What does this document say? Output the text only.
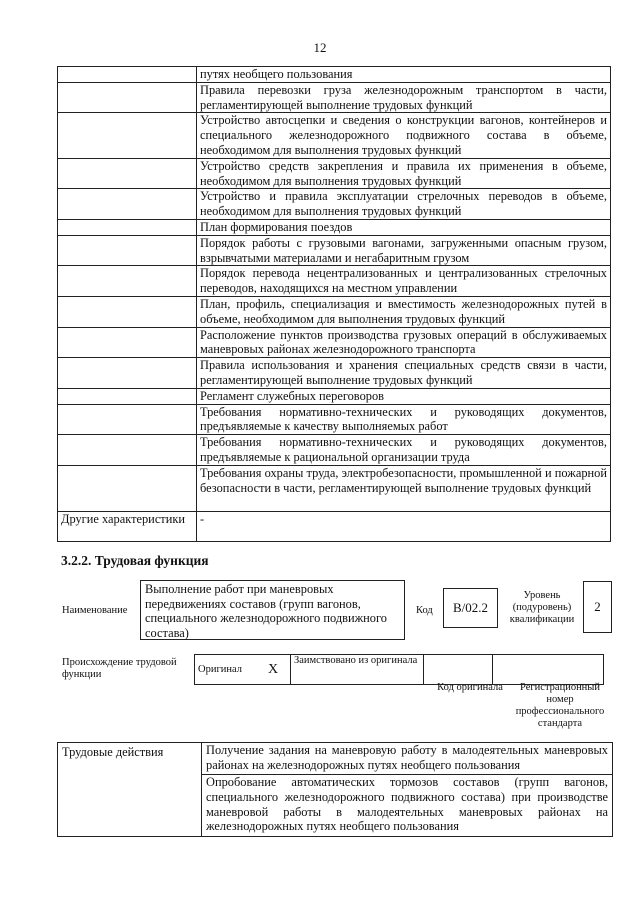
12
	путях необщего пользования
	Правила перевозки груза железнодорожным транспортом в части, регламентирующей выполнение трудовых функций
	Устройство автосцепки и сведения о конструкции вагонов, контейнеров и специального железнодорожного подвижного состава в объеме, необходимом для выполнения трудовых функций
	Устройство средств закрепления и правила их применения в объеме, необходимом для выполнения трудовых функций
	Устройство и правила эксплуатации стрелочных переводов в объеме, необходимом для выполнения трудовых функций
	План формирования поездов
	Порядок работы с грузовыми вагонами, загруженными опасным грузом, взрывчатыми материалами и негабаритным грузом
	Порядок перевода нецентрализованных и централизованных стрелочных переводов, находящихся на местном управлении
	План, профиль, специализация и вместимость железнодорожных путей в объеме, необходимом для выполнения трудовых функций
	Расположение пунктов производства грузовых операций в обслуживаемых маневровых районах железнодорожного транспорта
	Правила использования и хранения специальных средств связи в части, регламентирующей выполнение трудовых функций
	Регламент служебных переговоров
	Требования нормативно-технических и руководящих документов, предъявляемые к качеству выполняемых работ
	Требования нормативно-технических и руководящих документов, предъявляемые к рациональной организации труда
	Требования охраны труда, электробезопасности, промышленной и пожарной безопасности в части, регламентирующей выполнение трудовых функций
Другие характеристики	-
3.2.2. Трудовая функция
Наименование
Выполнение работ при маневровых передвижениях составов (групп вагонов, специального железнодорожного подвижного состава)
Код	В/02.2
Уровень (подуровень) квалификации
2
Происхождение трудовой функции	Оригинал	X	Заимствовано из оригинала		
Код оригинала	Регистрационный номер профессионального стандарта
Трудовые действия	Получение задания на маневровую работу в малодеятельных маневровых районах на железнодорожных путях необщего пользования
Опробование автоматических тормозов составов (групп вагонов, специального железнодорожного подвижного состава) при производстве маневровой работы в малодеятельных маневровых районах на железнодорожных путях необщего пользования
